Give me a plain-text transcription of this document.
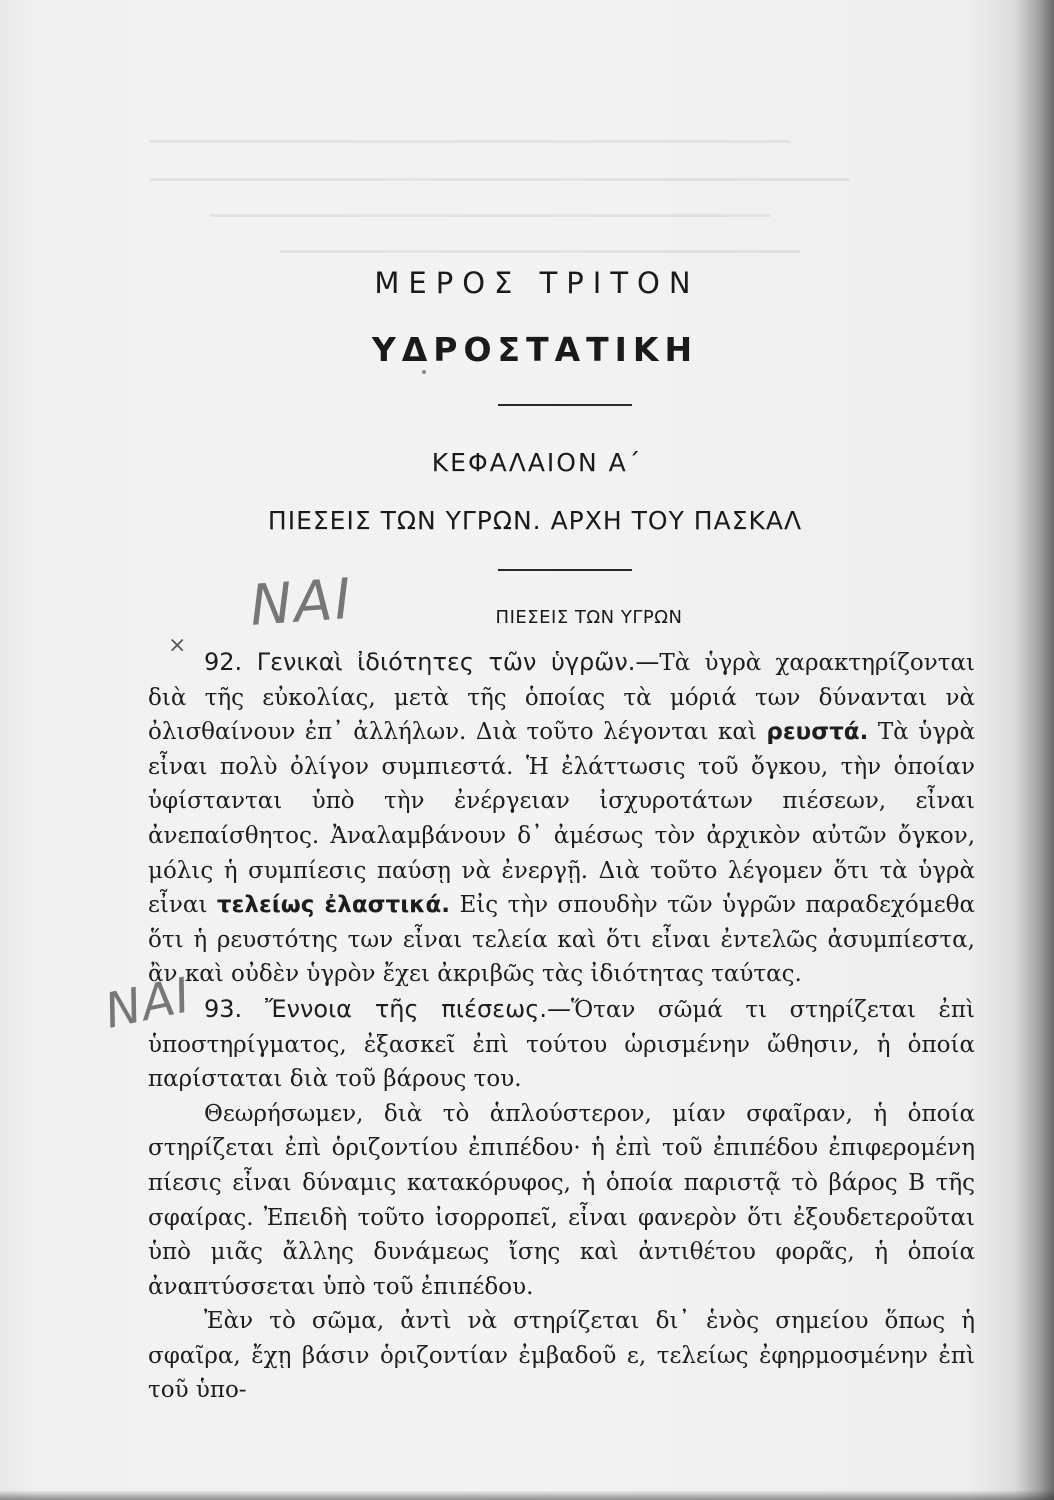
ΜΕΡΟΣ ΤΡΙΤΟΝ
ΥΔΡΟΣΤΑΤΙΚΗ
ΚΕΦΑΛΑΙΟΝ Α΄
ΠΙΕΣΕΙΣ ΤΩΝ ΥΓΡΩΝ. ΑΡΧΗ ΤΟΥ ΠΑΣΚΑΛ
ΝΑΙ	ΠΙΕΣΕΙΣ ΤΩΝ ΥΓΡΩΝ
⨯
ΝΑΙ

92. Γενικαὶ ἰδιότητες τῶν ὑγρῶν.—Τὰ ὑγρὰ χαρακτηρίζονται διὰ τῆς εὐκολίας, μετὰ τῆς ὁποίας τὰ μόριά των δύνανται νὰ ὀλισθαίνουν ἐπ᾿ ἀλλήλων. Διὰ τοῦτο λέγονται καὶ ρευστά. Τὰ ὑγρὰ εἶναι πολὺ ὀλίγον συμπιεστά. Ἡ ἐλάττωσις τοῦ ὄγκου, τὴν ὁποίαν ὑφίστανται ὑπὸ τὴν ἐνέργειαν ἰσχυροτάτων πιέσεων, εἶναι ἀνεπαίσθητος. Ἀναλαμβάνουν δ᾿ ἀμέσως τὸν ἀρχικὸν αὐτῶν ὄγκον, μόλις ἡ συμπίεσις παύσῃ νὰ ἐνεργῇ. Διὰ τοῦτο λέγομεν ὅτι τὰ ὑγρὰ εἶναι τελείως ἐλαστικά. Εἰς τὴν σπουδὴν τῶν ὑγρῶν παραδεχόμεθα ὅτι ἡ ρευστότης των εἶναι τελεία καὶ ὅτι εἶναι ἐντελῶς ἀσυμπίεστα, ἂν καὶ οὐδὲν ὑγρὸν ἔχει ἀκριβῶς τὰς ἰδιότητας ταύτας.

93. Ἔννοια τῆς πιέσεως.—Ὅταν σῶμά τι στηρίζεται ἐπὶ ὑποστηρίγματος, ἐξασκεῖ ἐπὶ τούτου ὡρισμένην ὤθησιν, ἡ ὁποία παρίσταται διὰ τοῦ βάρους του.

Θεωρήσωμεν, διὰ τὸ ἁπλούστερον, μίαν σφαῖραν, ἡ ὁποία στηρίζεται ἐπὶ ὁριζοντίου ἐπιπέδου· ἡ ἐπὶ τοῦ ἐπιπέδου ἐπιφερομένη πίεσις εἶναι δύναμις κατακόρυφος, ἡ ὁποία παριστᾷ τὸ βάρος Β τῆς σφαίρας. Ἐπειδὴ τοῦτο ἰσορροπεῖ, εἶναι φανερὸν ὅτι ἐξουδετεροῦται ὑπὸ μιᾶς ἄλλης δυνάμεως ἴσης καὶ ἀντιθέτου φορᾶς, ἡ ὁποία ἀναπτύσσεται ὑπὸ τοῦ ἐπιπέδου.

Ἐὰν τὸ σῶμα, ἀντὶ νὰ στηρίζεται δι᾿ ἑνὸς σημείου ὅπως ἡ σφαῖρα, ἔχῃ βάσιν ὁριζοντίαν ἐμβαδοῦ ε, τελείως ἐφηρμοσμένην ἐπὶ τοῦ ὑπο-
